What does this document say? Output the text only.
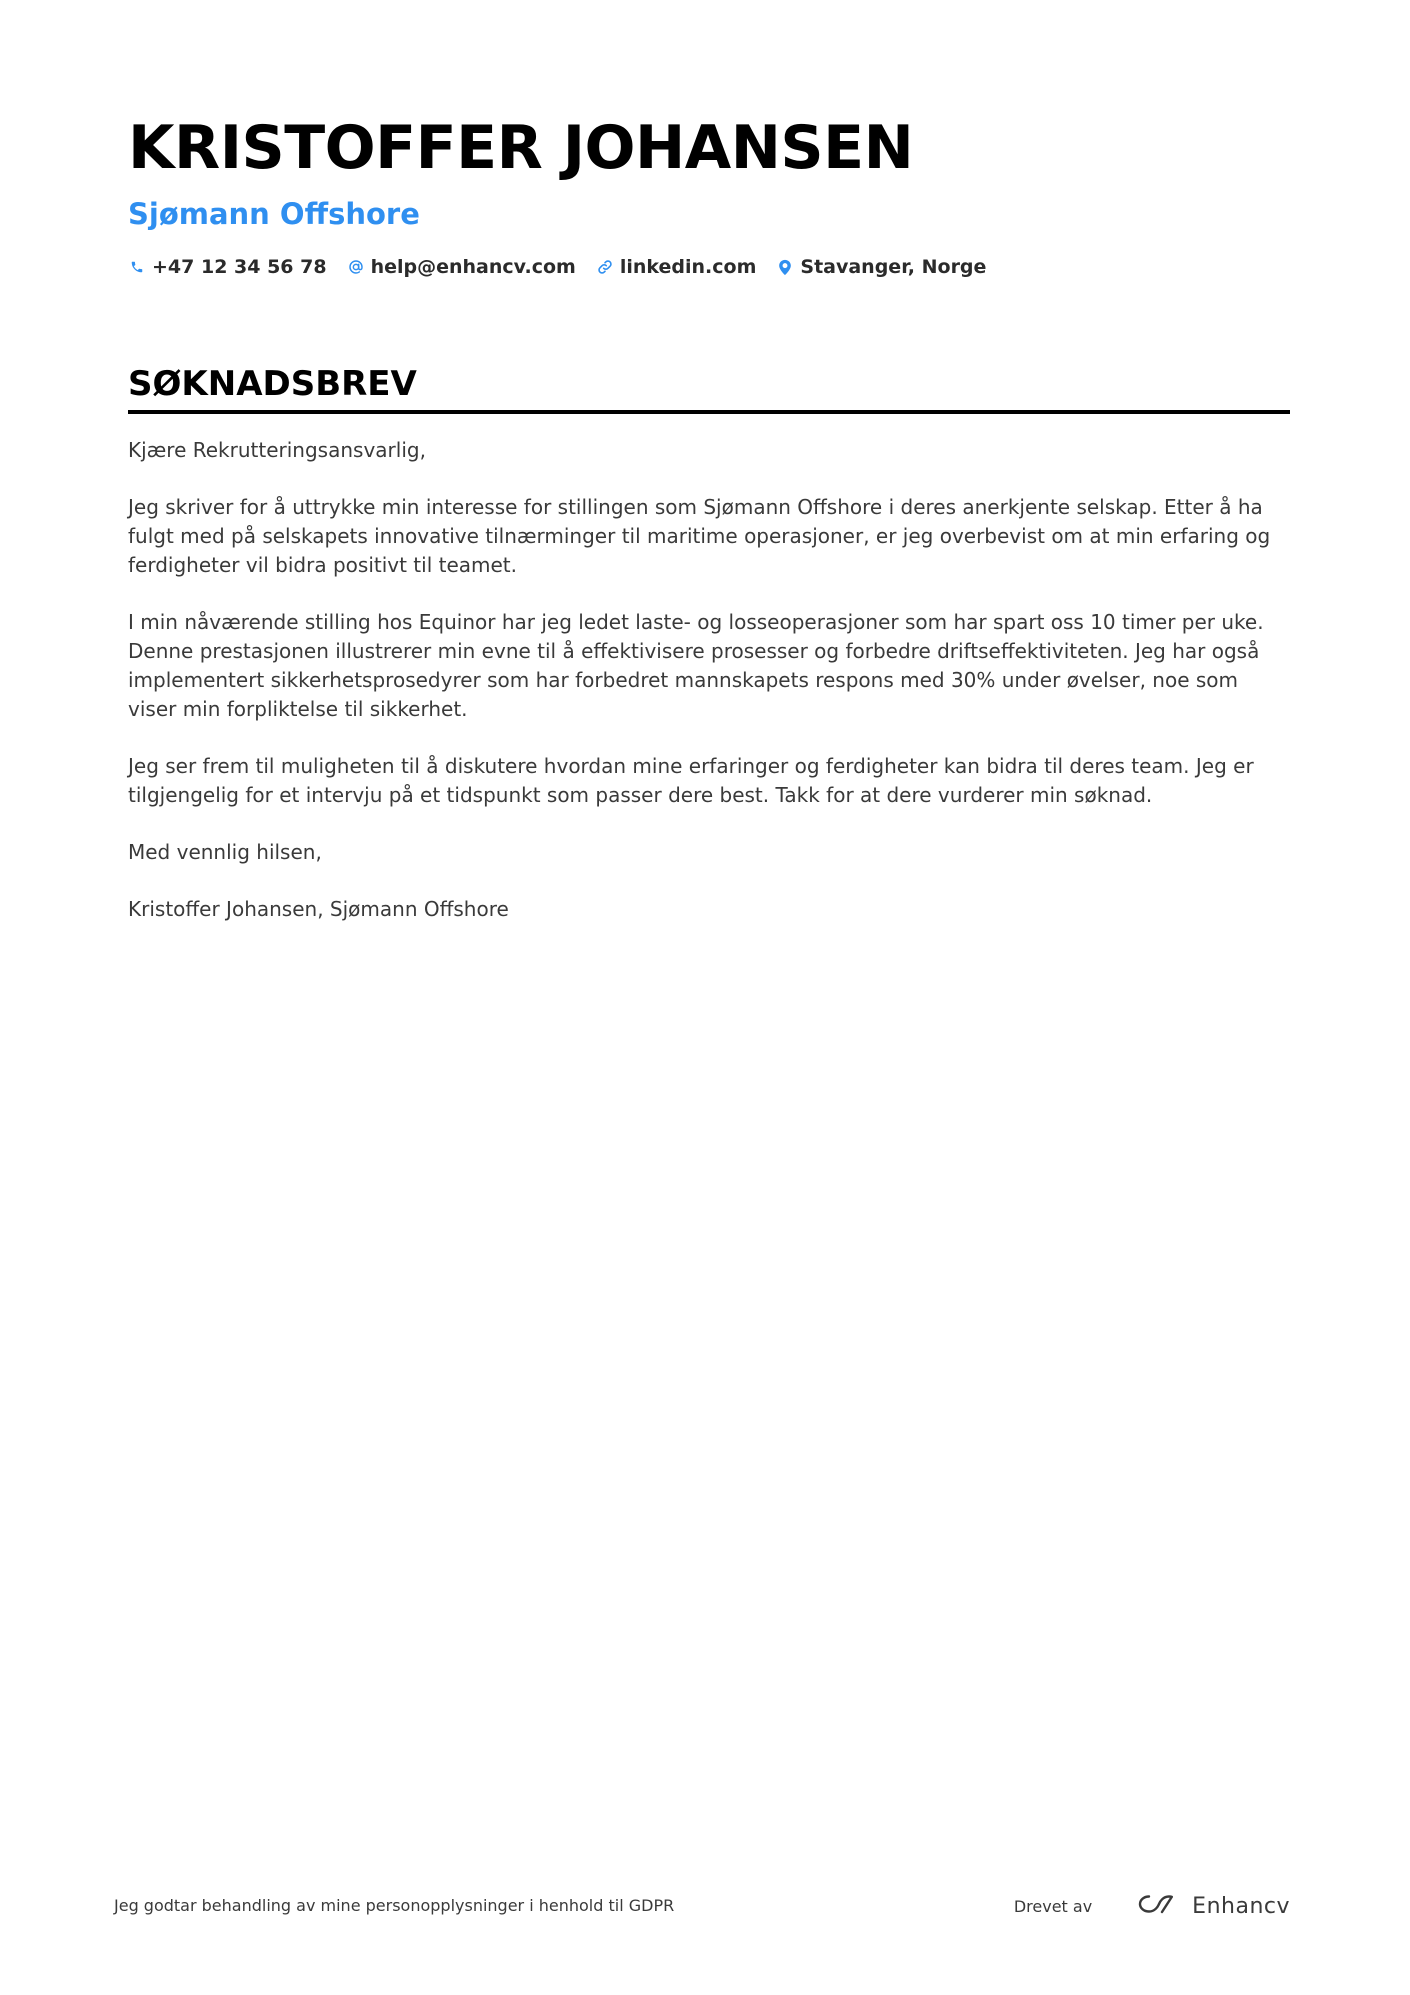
KRISTOFFER JOHANSEN
Sjømann Offshore
+47 12 34 56 78 help@enhancv.com linkedin.com Stavanger, Norge
SØKNADSBREV

Kjære Rekrutteringsansvarlig,

Jeg skriver for å uttrykke min interesse for stillingen som Sjømann Offshore i deres anerkjente selskap. Etter å ha fulgt med på selskapets innovative tilnærminger til maritime operasjoner, er jeg overbevist om at min erfaring og ferdigheter vil bidra positivt til teamet.

I min nåværende stilling hos Equinor har jeg ledet laste- og losseoperasjoner som har spart oss 10 timer per uke. Denne prestasjonen illustrerer min evne til å effektivisere prosesser og forbedre driftseffektiviteten. Jeg har også implementert sikkerhetsprosedyrer som har forbedret mannskapets respons med 30% under øvelser, noe som viser min forpliktelse til sikkerhet.

Jeg ser frem til muligheten til å diskutere hvordan mine erfaringer og ferdigheter kan bidra til deres team. Jeg er tilgjengelig for et intervju på et tidspunkt som passer dere best. Takk for at dere vurderer min søknad.

Med vennlig hilsen,

Kristoffer Johansen, Sjømann Offshore

Jeg godtar behandling av mine personopplysninger i henhold til GDPR	Drevet av	Enhancv
